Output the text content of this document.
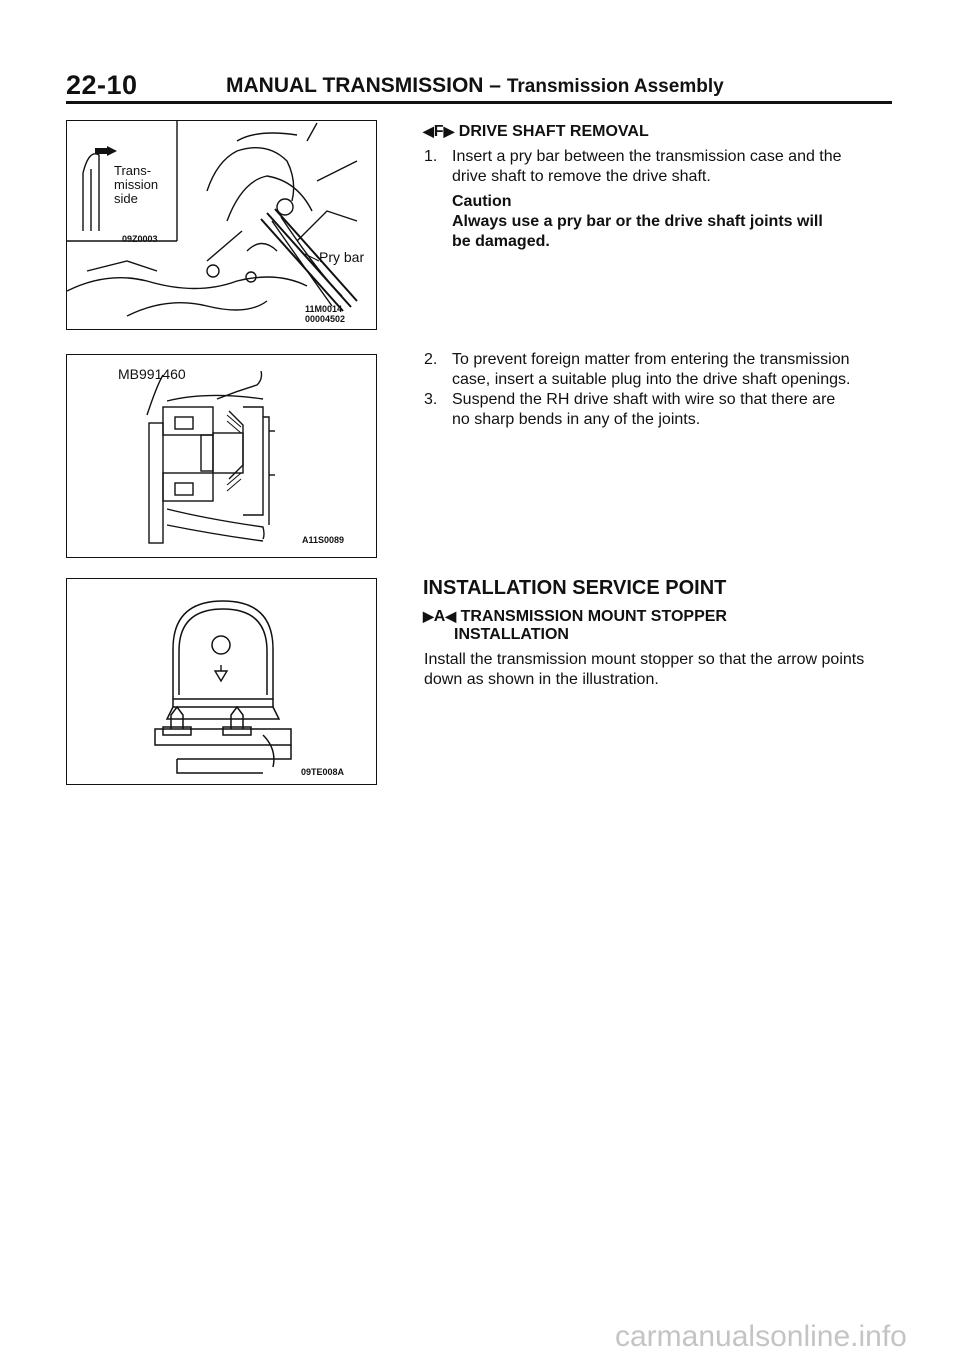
22-10	MANUAL TRANSMISSION – Transmission Assembly
Trans-
mission
side
09Z0003
Pry bar
11M0014
00004502
MB991460
A11S0089
09TE008A
◀F▶ DRIVE SHAFT REMOVAL
1. Insert a pry bar between the transmission case and the
drive shaft to remove the drive shaft.
Caution
Always use a pry bar or the drive shaft joints will
be damaged.
2. To prevent foreign matter from entering the transmission
case, insert a suitable plug into the drive shaft openings.
3. Suspend the RH drive shaft with wire so that there are
no sharp bends in any of the joints.
INSTALLATION SERVICE POINT
▶A◀ TRANSMISSION MOUNT STOPPER
INSTALLATION
Install the transmission mount stopper so that the arrow points
down as shown in the illustration.
carmanualsonline.info
